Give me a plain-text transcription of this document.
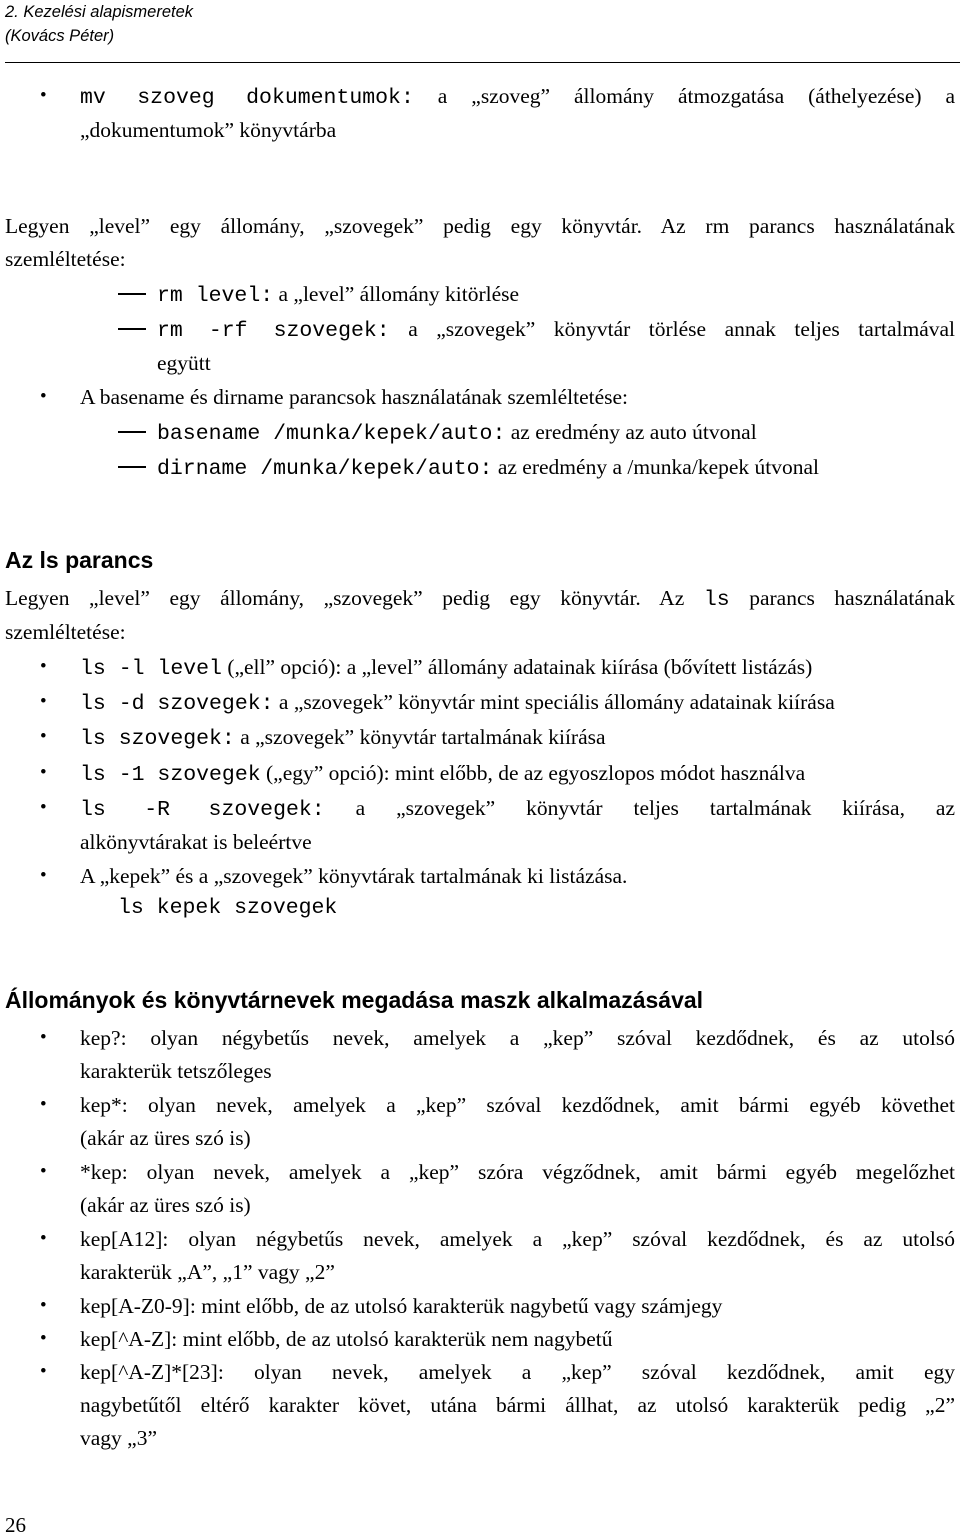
2. Kezelési alapismeretek
(Kovács Péter)
• mv szoveg dokumentumok: a „szoveg” állomány átmozgatása (áthelyezése) a
„dokumentumok” könyvtárba
Legyen „level” egy állomány, „szovegek” pedig egy könyvtár. Az rm parancs használatának
szemléltetése:
rm level: a „level” állomány kitörlése
rm -rf szovegek: a „szovegek” könyvtár törlése annak teljes tartalmával
együtt
• A basename és dirname parancsok használatának szemléltetése:
basename /munka/kepek/auto: az eredmény az auto útvonal
dirname /munka/kepek/auto: az eredmény a /munka/kepek útvonal
Az ls parancs
Legyen „level” egy állomány, „szovegek” pedig egy könyvtár. Az ls parancs használatának
szemléltetése:
• ls -l level („ell” opció): a „level” állomány adatainak kiírása (bővített listázás)
• ls -d szovegek: a „szovegek” könyvtár mint speciális állomány adatainak kiírása
• ls szovegek: a „szovegek” könyvtár tartalmának kiírása
• ls -1 szovegek („egy” opció): mint előbb, de az egyoszlopos módot használva
• ls -R szovegek: a „szovegek” könyvtár teljes tartalmának kiírása, az
alkönyvtárakat is beleértve
• A „kepek” és a „szovegek” könyvtárak tartalmának ki listázása.
ls kepek szovegek
Állományok és könyvtárnevek megadása maszk alkalmazásával
• kep?: olyan négybetűs nevek, amelyek a „kep” szóval kezdődnek, és az utolsó
karakterük tetszőleges
• kep*: olyan nevek, amelyek a „kep” szóval kezdődnek, amit bármi egyéb követhet
(akár az üres szó is)
• *kep: olyan nevek, amelyek a „kep” szóra végződnek, amit bármi egyéb megelőzhet
(akár az üres szó is)
• kep[A12]: olyan négybetűs nevek, amelyek a „kep” szóval kezdődnek, és az utolsó
karakterük „A”, „1” vagy „2”
• kep[A-Z0-9]: mint előbb, de az utolsó karakterük nagybetű vagy számjegy
• kep[^A-Z]: mint előbb, de az utolsó karakterük nem nagybetű
• kep[^A-Z]*[23]: olyan nevek, amelyek a „kep” szóval kezdődnek, amit egy
nagybetűtől eltérő karakter követ, utána bármi állhat, az utolsó karakterük pedig „2”
vagy „3”
26
